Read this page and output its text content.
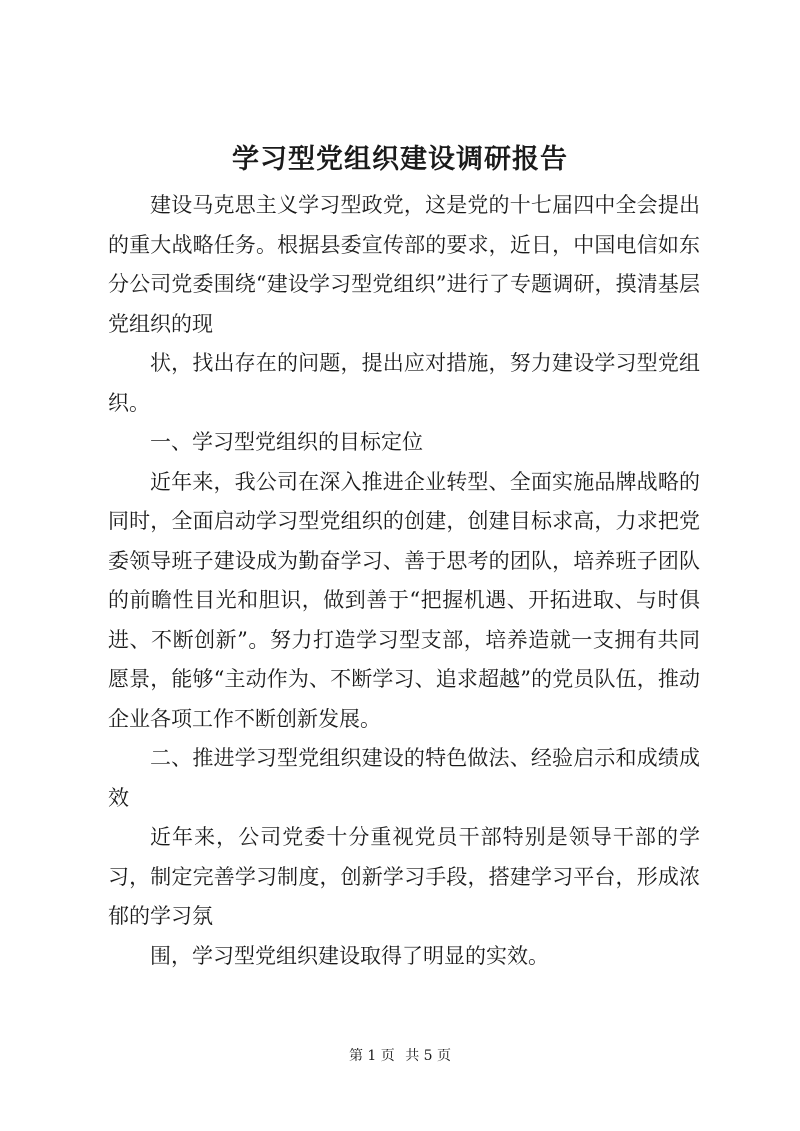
学习型党组织建设调研报告

建设马克思主义学习型政党，这是党的十七届四中全会提出的重大战略任务。根据县委宣传部的要求，近日，中国电信如东分公司党委围绕“建设学习型党组织”进行了专题调研，摸清基层党组织的现

状，找出存在的问题，提出应对措施，努力建设学习型党组织。

一、学习型党组织的目标定位

近年来，我公司在深入推进企业转型、全面实施品牌战略的同时，全面启动学习型党组织的创建，创建目标求高，力求把党委领导班子建设成为勤奋学习、善于思考的团队，培养班子团队的前瞻性目光和胆识，做到善于“把握机遇、开拓进取、与时俱进、不断创新”。努力打造学习型支部，培养造就一支拥有共同愿景，能够“主动作为、不断学习、追求超越”的党员队伍，推动企业各项工作不断创新发展。

二、推进学习型党组织建设的特色做法、经验启示和成绩成效

近年来，公司党委十分重视党员干部特别是领导干部的学习，制定完善学习制度，创新学习手段，搭建学习平台，形成浓郁的学习氛

围，学习型党组织建设取得了明显的实效。

第 1 页 共 5 页
